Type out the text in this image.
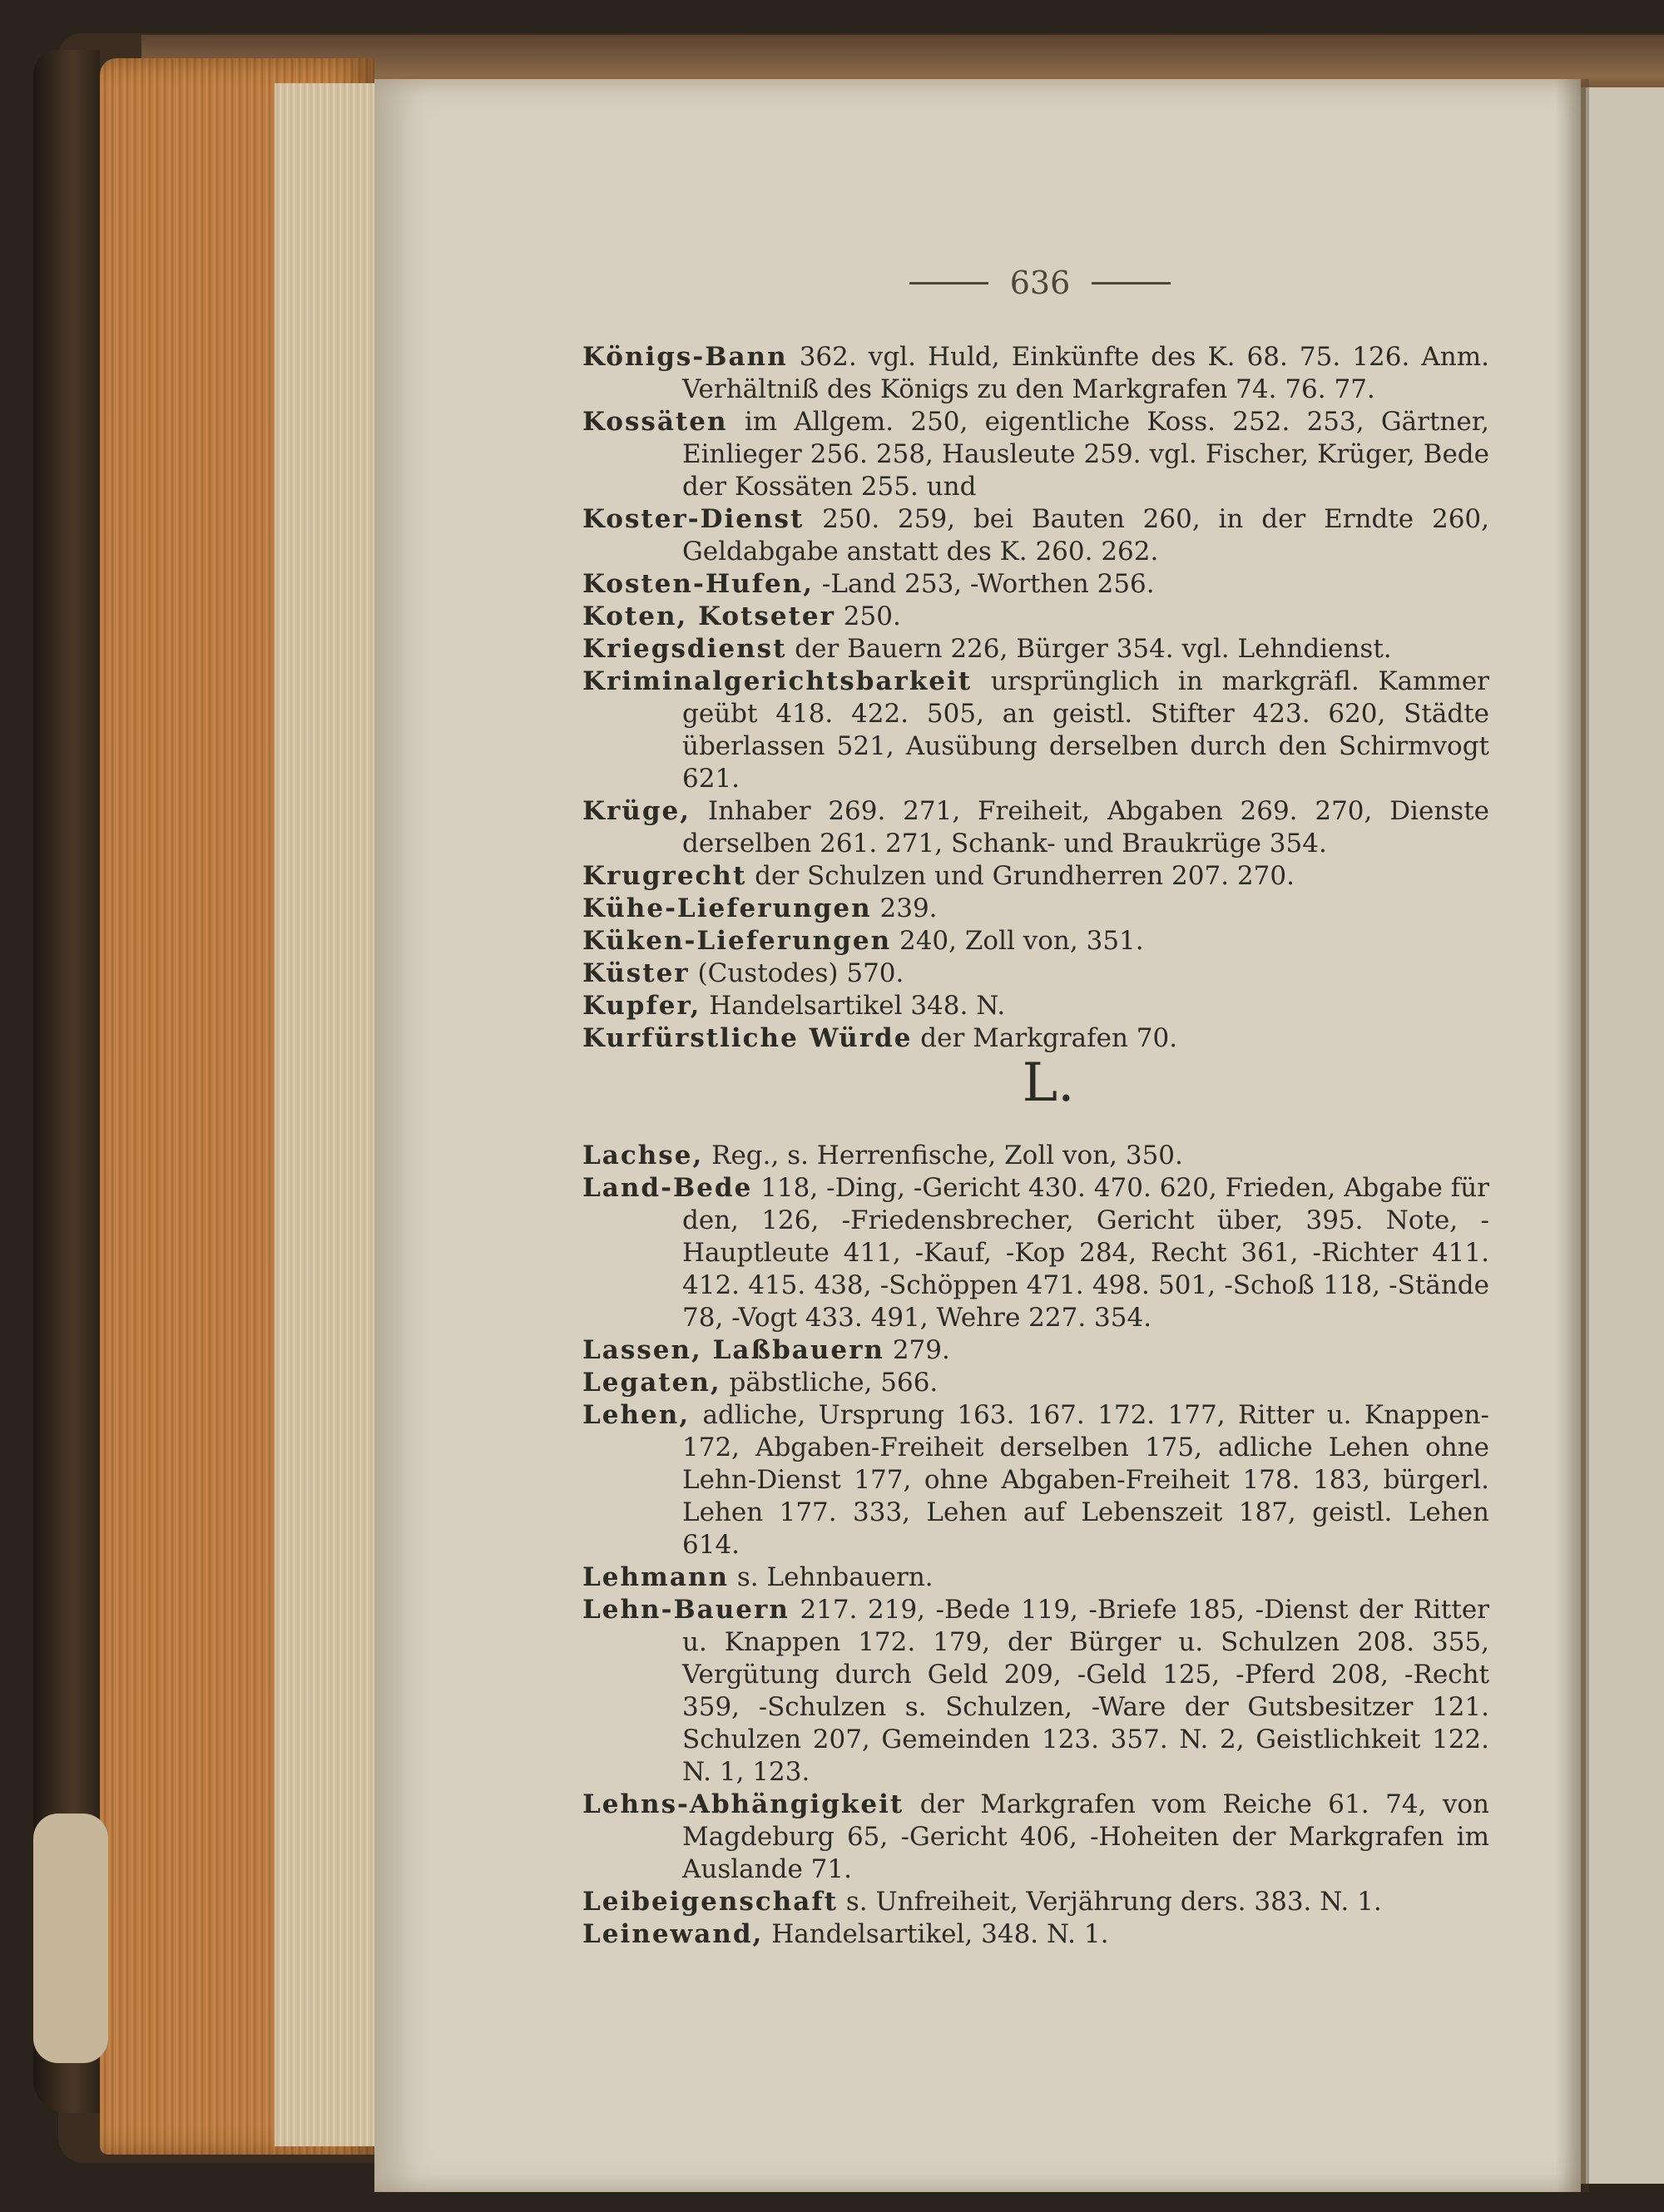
636
Königs-Bann 362. vgl. Huld, Einkünfte des K. 68. 75. 126. Anm. Verhältniß des Königs zu den Markgrafen 74. 76. 77.
Kossäten im Allgem. 250, eigentliche Koss. 252. 253, Gärtner, Einlieger 256. 258, Hausleute 259. vgl. Fischer, Krüger, Bede der Kossäten 255. und
Koster-Dienst 250. 259, bei Bauten 260, in der Erndte 260, Geldabgabe anstatt des K. 260. 262.
Kosten-Hufen, -Land 253, -Worthen 256.
Koten, Kotseter 250.
Kriegsdienst der Bauern 226, Bürger 354. vgl. Lehndienst.
Kriminalgerichtsbarkeit ursprünglich in markgräfl. Kammer geübt 418. 422. 505, an geistl. Stifter 423. 620, Städte überlassen 521, Ausübung derselben durch den Schirmvogt 621.
Krüge, Inhaber 269. 271, Freiheit, Abgaben 269. 270, Dienste derselben 261. 271, Schank- und Braukrüge 354.
Krugrecht der Schulzen und Grundherren 207. 270.
Kühe-Lieferungen 239.
Küken-Lieferungen 240, Zoll von, 351.
Küster (Custodes) 570.
Kupfer, Handelsartikel 348. N.
Kurfürstliche Würde der Markgrafen 70.
L.
Lachse, Reg., s. Herrenfische, Zoll von, 350.
Land-Bede 118, -Ding, -Gericht 430. 470. 620, Frieden, Abgabe für den, 126, -Friedensbrecher, Gericht über, 395. Note, -Hauptleute 411, -Kauf, -Kop 284, Recht 361, -Richter 411. 412. 415. 438, -Schöppen 471. 498. 501, -Schoß 118, -Stände 78, -Vogt 433. 491, Wehre 227. 354.
Lassen, Laßbauern 279.
Legaten, päbstliche, 566.
Lehen, adliche, Ursprung 163. 167. 172. 177, Ritter u. Knappen-172, Abgaben-Freiheit derselben 175, adliche Lehen ohne Lehn-Dienst 177, ohne Abgaben-Freiheit 178. 183, bürgerl. Lehen 177. 333, Lehen auf Lebenszeit 187, geistl. Lehen 614.
Lehmann s. Lehnbauern.
Lehn-Bauern 217. 219, -Bede 119, -Briefe 185, -Dienst der Ritter u. Knappen 172. 179, der Bürger u. Schulzen 208. 355, Vergütung durch Geld 209, -Geld 125, -Pferd 208, -Recht 359, -Schulzen s. Schulzen, -Ware der Gutsbesitzer 121. Schulzen 207, Gemeinden 123. 357. N. 2, Geistlichkeit 122. N. 1, 123.
Lehns-Abhängigkeit der Markgrafen vom Reiche 61. 74, von Magdeburg 65, -Gericht 406, -Hoheiten der Markgrafen im Auslande 71.
Leibeigenschaft s. Unfreiheit, Verjährung ders. 383. N. 1.
Leinewand, Handelsartikel, 348. N. 1.
